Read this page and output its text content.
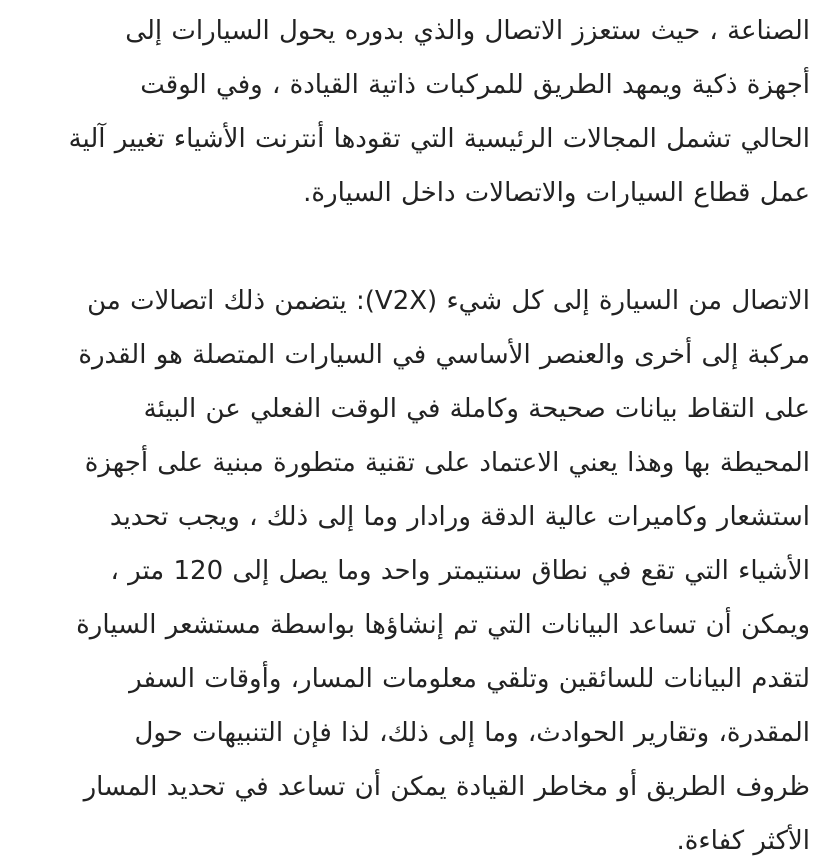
الصناعة ، حيث ستعزز الاتصال والذي بدوره يحول السيارات إلى أجهزة ذكية ويمهد الطريق للمركبات ذاتية القيادة ، وفي الوقت الحالي تشمل المجالات الرئيسية التي تقودها أنترنت الأشياء تغيير آلية عمل قطاع السيارات والاتصالات داخل السيارة.

الاتصال من السيارة إلى كل شيء (V2X): يتضمن ذلك اتصالات من مركبة إلى أخرى والعنصر الأساسي في السيارات المتصلة هو القدرة على التقاط بيانات صحيحة وكاملة في الوقت الفعلي عن البيئة المحيطة بها وهذا يعني الاعتماد على تقنية متطورة مبنية على أجهزة استشعار وكاميرات عالية الدقة ورادار وما إلى ذلك ، ويجب تحديد الأشياء التي تقع في نطاق سنتيمتر واحد وما يصل إلى 120 متر ، ويمكن أن تساعد البيانات التي تم إنشاؤها بواسطة مستشعر السيارة لتقدم البيانات للسائقين وتلقي معلومات المسار، وأوقات السفر المقدرة، وتقارير الحوادث، وما إلى ذلك، لذا فإن التنبيهات حول ظروف الطريق أو مخاطر القيادة يمكن أن تساعد في تحديد المسار الأكثر كفاءة.
